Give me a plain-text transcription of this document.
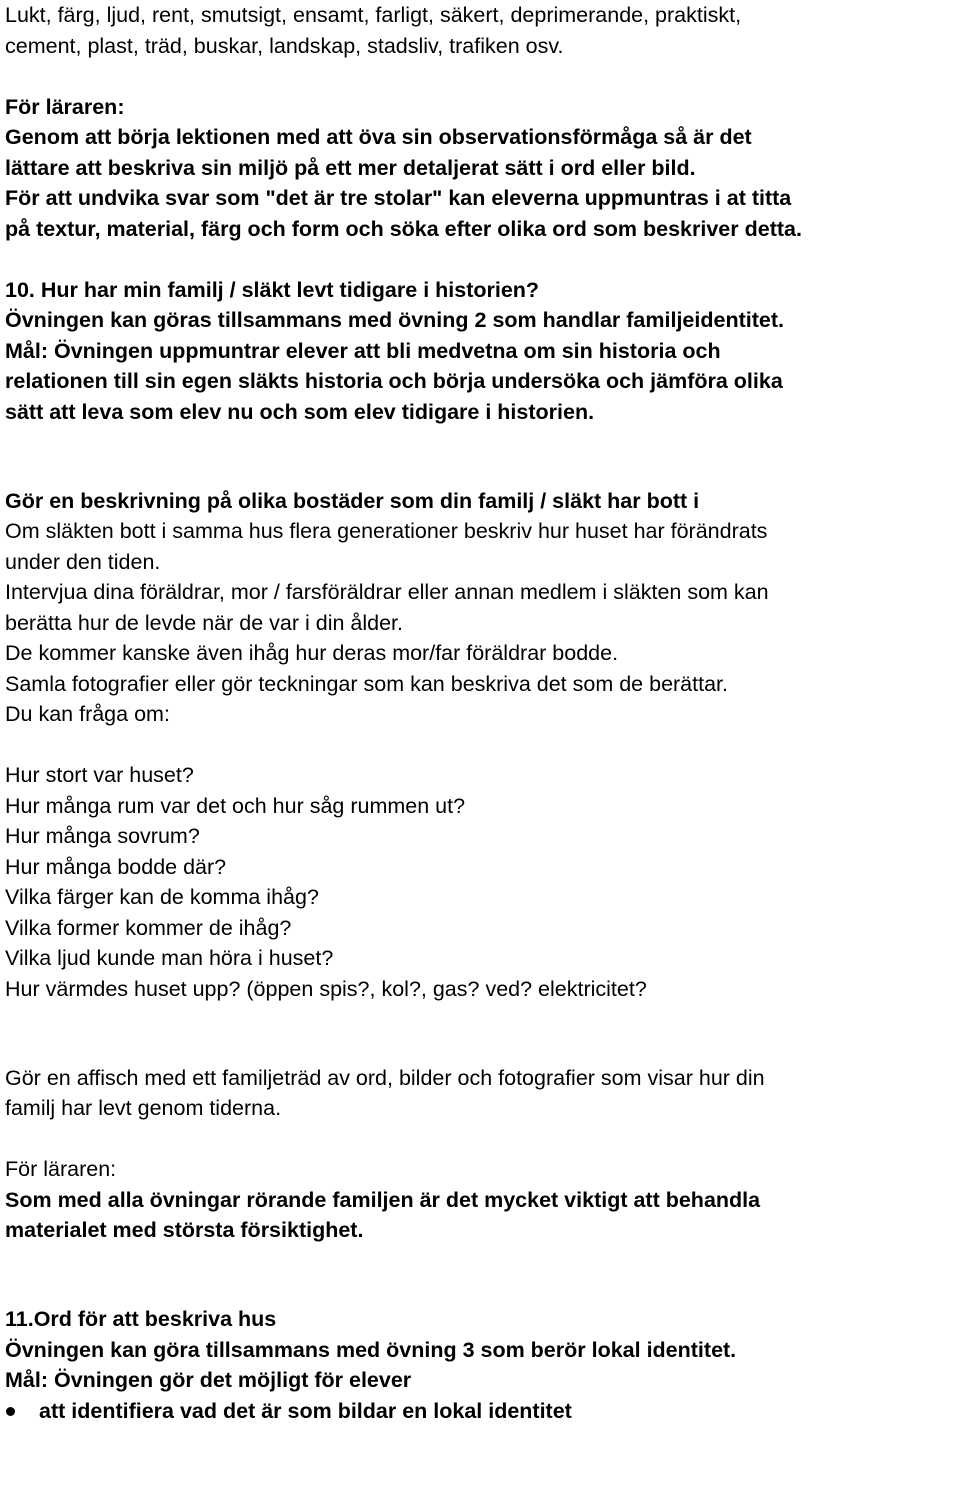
Lukt, färg, ljud, rent, smutsigt, ensamt, farligt, säkert, deprimerande, praktiskt,
cement, plast, träd, buskar, landskap, stadsliv, trafiken osv.
För läraren:
Genom att börja lektionen med att öva sin observationsförmåga så är det
lättare att beskriva sin miljö på ett mer detaljerat sätt i ord eller bild.
För att undvika svar som "det är tre stolar" kan eleverna uppmuntras i at titta
på textur, material, färg och form och söka efter olika ord som beskriver detta.
10. Hur har min familj / släkt levt tidigare i historien?
Övningen kan göras tillsammans med övning 2 som handlar familjeidentitet.
Mål: Övningen uppmuntrar elever att bli medvetna om sin historia och
relationen till sin egen släkts historia och börja undersöka och jämföra olika
sätt att leva som elev nu och som elev tidigare i historien.
Gör en beskrivning på olika bostäder som din familj / släkt har bott i
Om släkten bott i samma hus flera generationer beskriv hur huset har förändrats
under den tiden.
Intervjua dina föräldrar, mor / farsföräldrar eller annan medlem i släkten som kan
berätta hur de levde när de var i din ålder.
De kommer kanske även ihåg hur deras mor/far föräldrar bodde.
Samla fotografier eller gör teckningar som kan beskriva det som de berättar.
Du kan fråga om:
Hur stort var huset?
Hur många rum var det och hur såg rummen ut?
Hur många sovrum?
Hur många bodde där?
Vilka färger kan de komma ihåg?
Vilka former kommer de ihåg?
Vilka ljud kunde man höra i huset?
Hur värmdes huset upp? (öppen spis?, kol?, gas? ved? elektricitet?
Gör en affisch med ett familjeträd av ord, bilder och fotografier som visar hur din
familj har levt genom tiderna.
För läraren:
Som med alla övningar rörande familjen är det mycket viktigt att behandla
materialet med största försiktighet.
11.Ord för att beskriva hus
Övningen kan göra tillsammans med övning 3 som berör lokal identitet.
Mål: Övningen gör det möjligt för elever
att identifiera vad det är som bildar en lokal identitet
